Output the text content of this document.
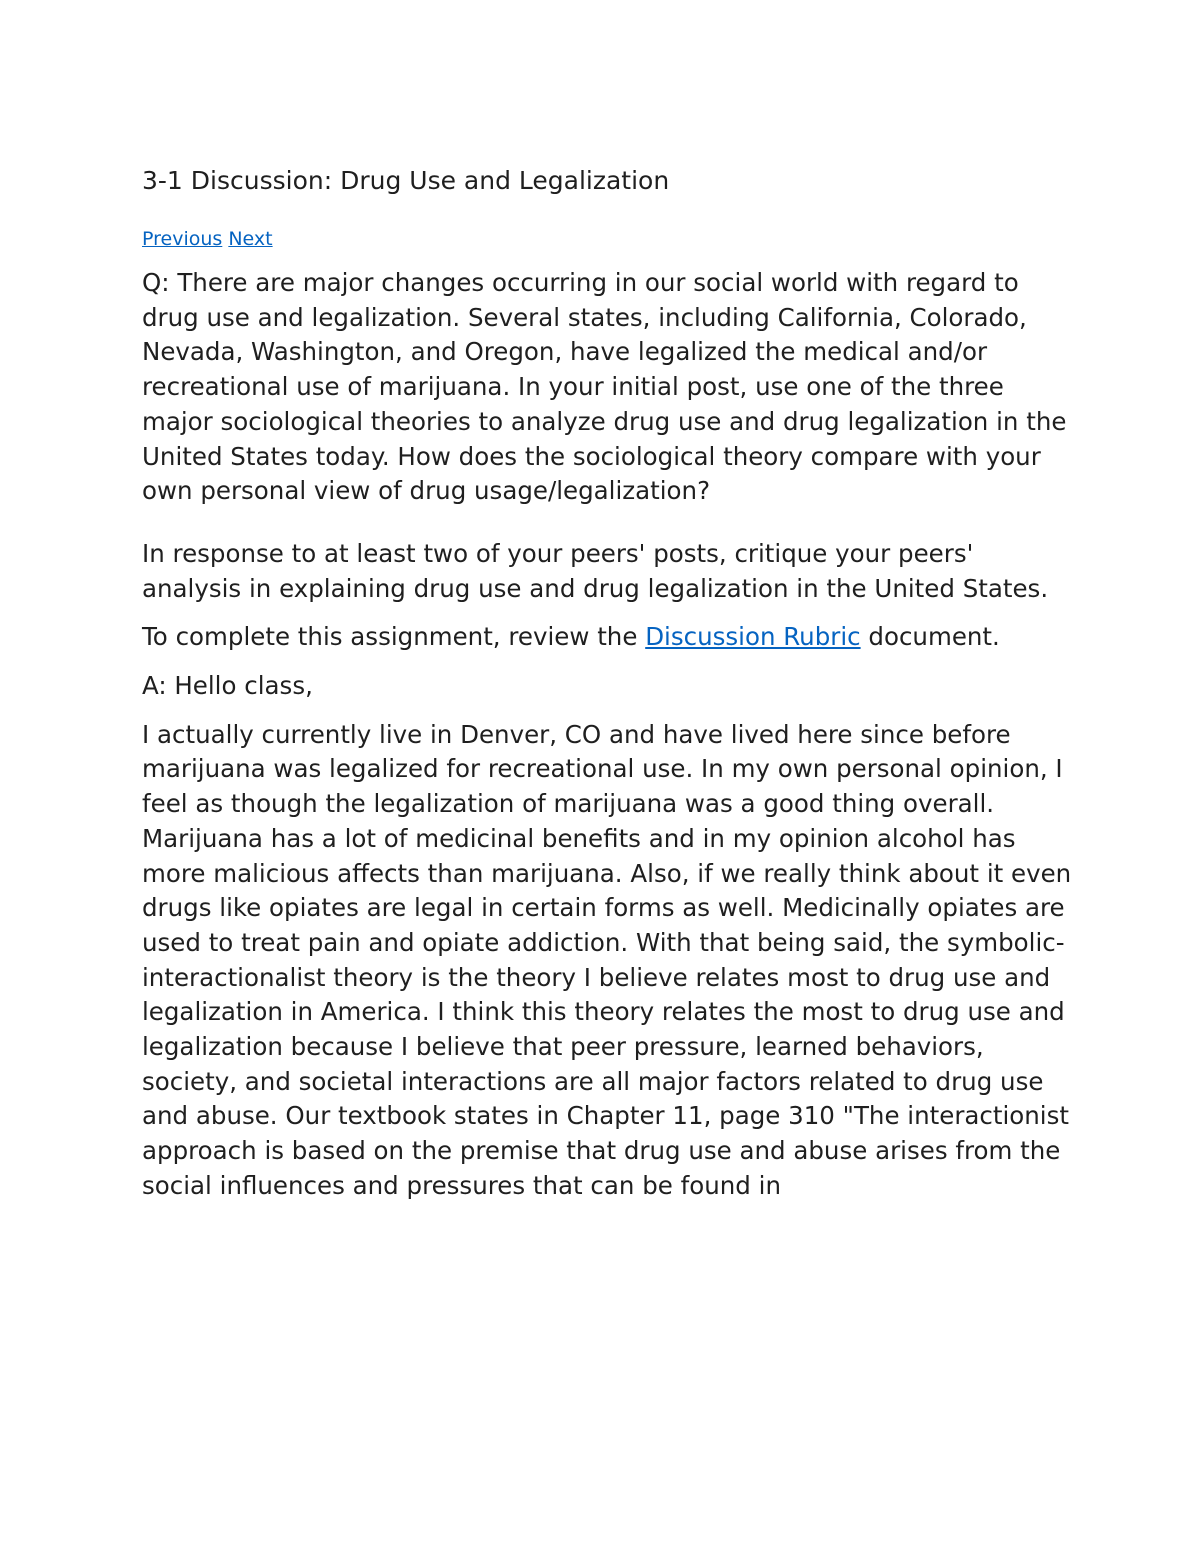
3-1 Discussion: Drug Use and Legalization
Previous Next

Q: There are major changes occurring in our social world with regard to drug use and legalization. Several states, including California, Colorado, Nevada, Washington, and Oregon, have legalized the medical and/or recreational use of marijuana. In your initial post, use one of the three major sociological theories to analyze drug use and drug legalization in the United States today. How does the sociological theory compare with your own personal view of drug usage/legalization?

In response to at least two of your peers' posts, critique your peers' analysis in explaining drug use and drug legalization in the United States.

To complete this assignment, review the Discussion Rubric document.

A: Hello class,

I actually currently live in Denver, CO and have lived here since before marijuana was legalized for recreational use. In my own personal opinion, I feel as though the legalization of marijuana was a good thing overall. Marijuana has a lot of medicinal benefits and in my opinion alcohol has more malicious affects than marijuana. Also, if we really think about it even drugs like opiates are legal in certain forms as well. Medicinally opiates are used to treat pain and opiate addiction. With that being said, the symbolic-interactionalist theory is the theory I believe relates most to drug use and legalization in America. I think this theory relates the most to drug use and legalization because I believe that peer pressure, learned behaviors, society, and societal interactions are all major factors related to drug use and abuse. Our textbook states in Chapter 11, page 310 "The interactionist approach is based on the premise that drug use and abuse arises from the social influences and pressures that can be found in
